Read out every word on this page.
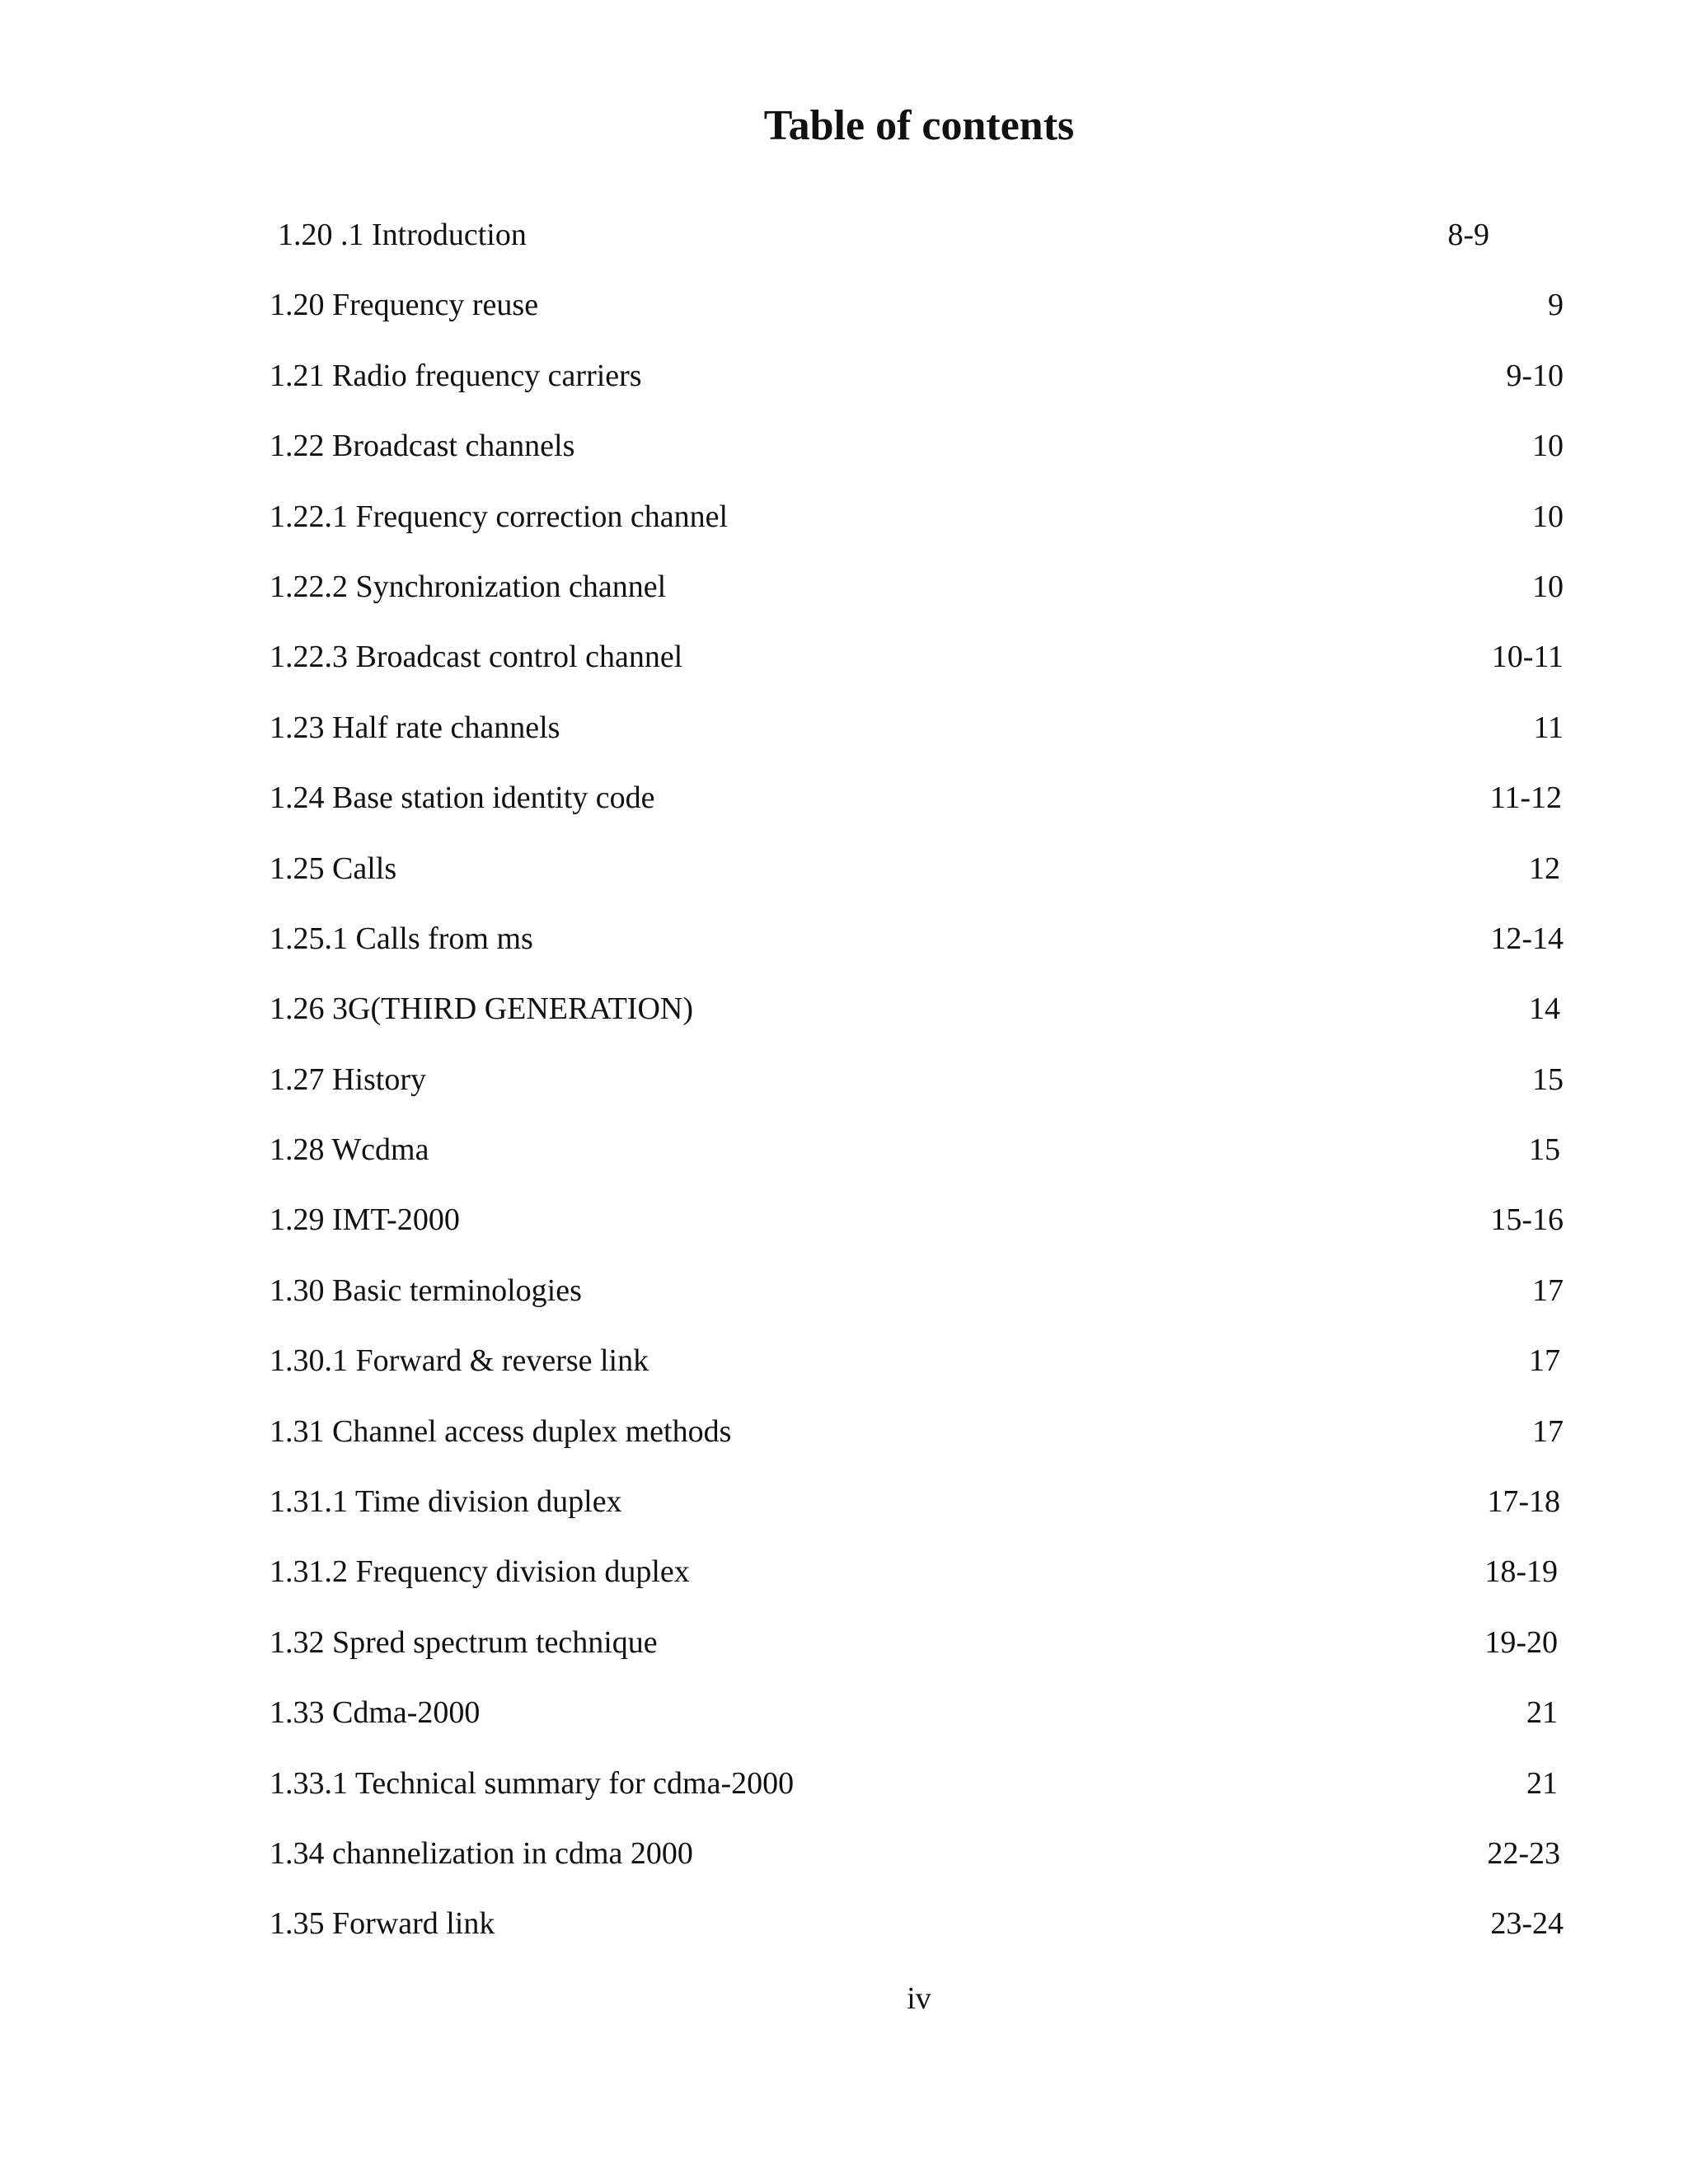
Table of contents
1.20 .1 Introduction	8-9
1.20 Frequency reuse	9
1.21 Radio frequency carriers	9-10
1.22 Broadcast channels	10
1.22.1 Frequency correction channel	10
1.22.2 Synchronization channel	10
1.22.3 Broadcast control channel	10-11
1.23 Half rate channels	11
1.24 Base station identity code	11-12
1.25 Calls	12
1.25.1 Calls from ms	12-14
1.26 3G(THIRD GENERATION)	14
1.27 History	15
1.28 Wcdma	15
1.29 IMT-2000	15-16
1.30 Basic terminologies	17
1.30.1 Forward & reverse link	17
1.31 Channel access duplex methods	17
1.31.1 Time division duplex	17-18
1.31.2 Frequency division duplex	18-19
1.32 Spred spectrum technique	19-20
1.33 Cdma-2000	21
1.33.1 Technical summary for cdma-2000	21
1.34 channelization in cdma 2000	22-23
1.35 Forward link	23-24
iv
